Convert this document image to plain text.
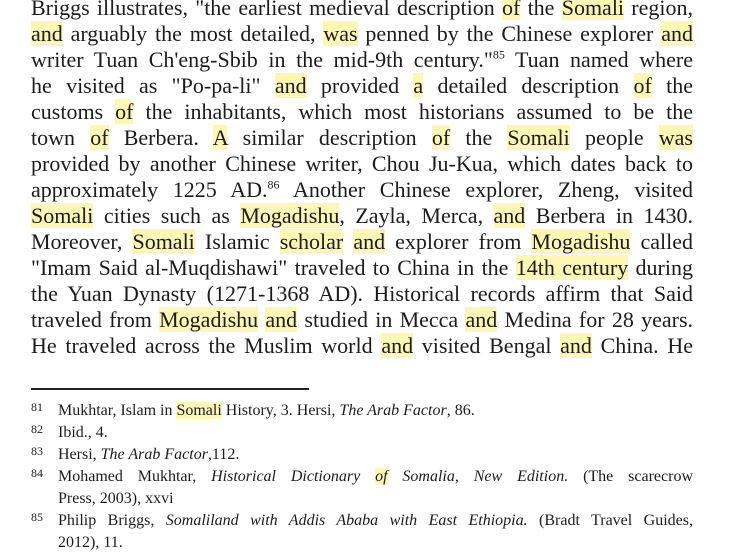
Briggs illustrates, "the earliest medieval description of the Somali region,
and arguably the most detailed, was penned by the Chinese explorer and
writer Tuan Ch'eng-Sbib in the mid-9th century."$^{85}$ Tuan named where
he visited as "Po-pa-li" and provided a detailed description of the
customs of the inhabitants, which most historians assumed to be the
town of Berbera. A similar description of the Somali people was
provided by another Chinese writer, Chou Ju-Kua, which dates back to
approximately 1225 AD.$^{86}$ Another Chinese explorer, Zheng, visited
Somali cities such as Mogadishu, Zayla, Merca, and Berbera in 1430.
Moreover, Somali Islamic scholar and explorer from Mogadishu called
"Imam Said al-Muqdishawi" traveled to China in the 14th century during
the Yuan Dynasty (1271-1368 AD). Historical records affirm that Said
traveled from Mogadishu and studied in Mecca and Medina for 28 years.
He traveled across the Muslim world and visited Bengal and China. He
81 Mukhtar, Islam in Somali History, 3. Hersi, The Arab Factor, 86.
82 Ibid., 4.
83 Hersi, The Arab Factor,112.
84 Mohamed Mukhtar, Historical Dictionary of Somalia, New Edition. (The scarecrow
Press, 2003), xxvi
85 Philip Briggs, Somaliland with Addis Ababa with East Ethiopia. (Bradt Travel Guides,
2012), 11.
